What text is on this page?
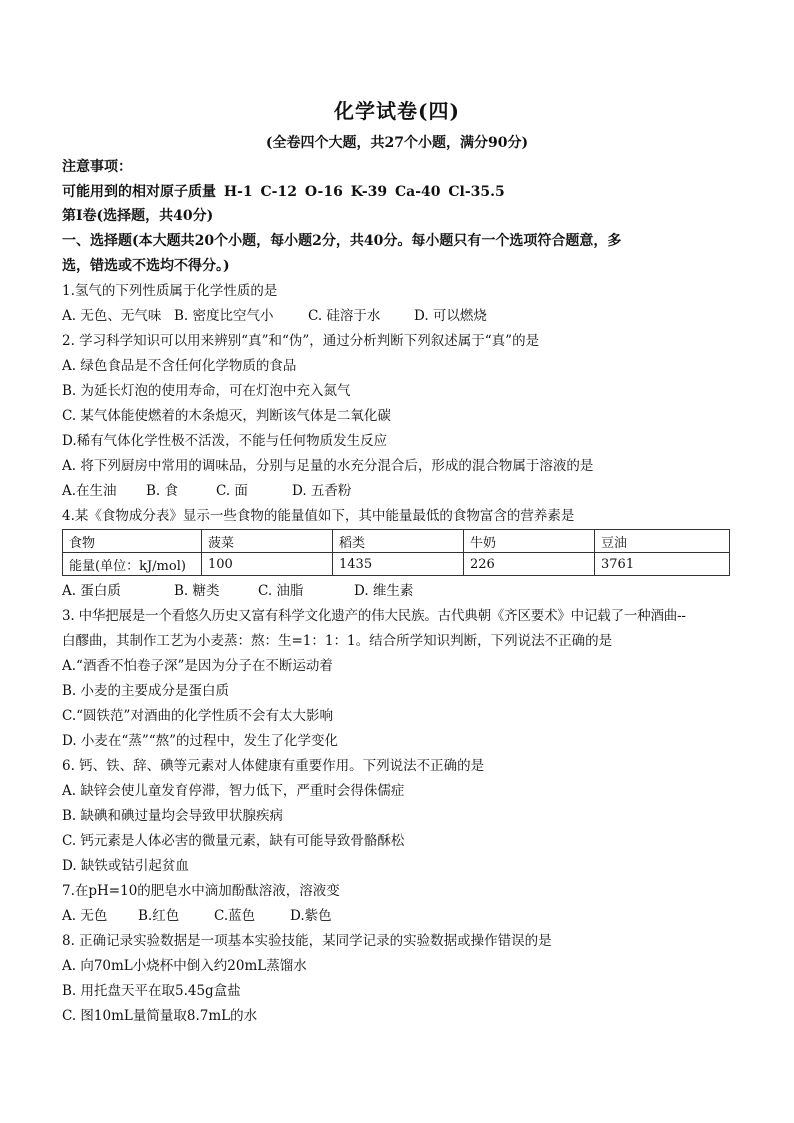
化学试卷(四)
(全卷四个大题，共27个小题，满分90分)
注意事项：
可能用到的相对原子质量 H-1 C-12 O-16 K-39 Ca-40 Cl-35.5
第Ⅰ卷(选择题，共40分)
一、选择题(本大题共20个小题，每小题2分，共40分。每小题只有一个选项符合题意，多
选，错选或不选均不得分。)
1.氢气的下列性质属于化学性质的是
A. 无色、无气味 B. 密度比空气小	C. 硅溶于水 D. 可以燃烧
2. 学习科学知识可以用来辨别“真”和“伪”，通过分析判断下列叙述属于“真”的是
A. 绿色食品是不含任何化学物质的食品
B. 为延长灯泡的使用寿命，可在灯泡中充入氮气
C. 某气体能使燃着的木条熄灭，判断该气体是二氧化碳
D.稀有气体化学性极不活泼，不能与任何物质发生反应
A. 将下列厨房中常用的调味品，分别与足量的水充分混合后，形成的混合物属于溶液的是
A.在生油 B. 食	C. 面	D. 五香粉
4.某《食物成分表》显示一些食物的能量值如下，其中能量最低的食物富含的营养素是
食物	菠菜	稻类	牛奶	豆油
能量(单位：kJ/mol)	100	1435	226	3761
A. 蛋白质	B. 糖类	C. 油脂	D. 维生素
3. 中华把展是一个看悠久历史又富有科学文化遗产的伟大民族。古代典朝《齐区要术》中记载了一种酒曲--
白醪曲，其制作工艺为小麦蒸：熬：生=1：1：1。结合所学知识判断，下列说法不正确的是
A.“酒香不怕卷子深”是因为分子在不断运动着
B. 小麦的主要成分是蛋白质
C.“圆铁范”对酒曲的化学性质不会有太大影响
D. 小麦在“蒸”“熬”的过程中，发生了化学变化
6. 钙、铁、辞、碘等元素对人体健康有重要作用。下列说法不正确的是
A. 缺锌会使儿童发育停滞，智力低下，严重时会得侏儒症
B. 缺碘和碘过量均会导致甲状腺疾病
C. 钙元素是人体必害的微量元素，缺有可能导致骨骼酥松
D. 缺铁或钴引起贫血
7.在pH=10的肥皂水中滴加酚酞溶液，溶液变
A. 无色 B.红色	C.蓝色	D.紫色
8. 正确记录实验数据是一项基本实验技能，某同学记录的实验数据或操作错误的是
A. 向70mL小烧杯中倒入约20mL蒸馏水
B. 用托盘天平在取5.45g盒盐
C. 图10mL量简量取8.7mL的水
